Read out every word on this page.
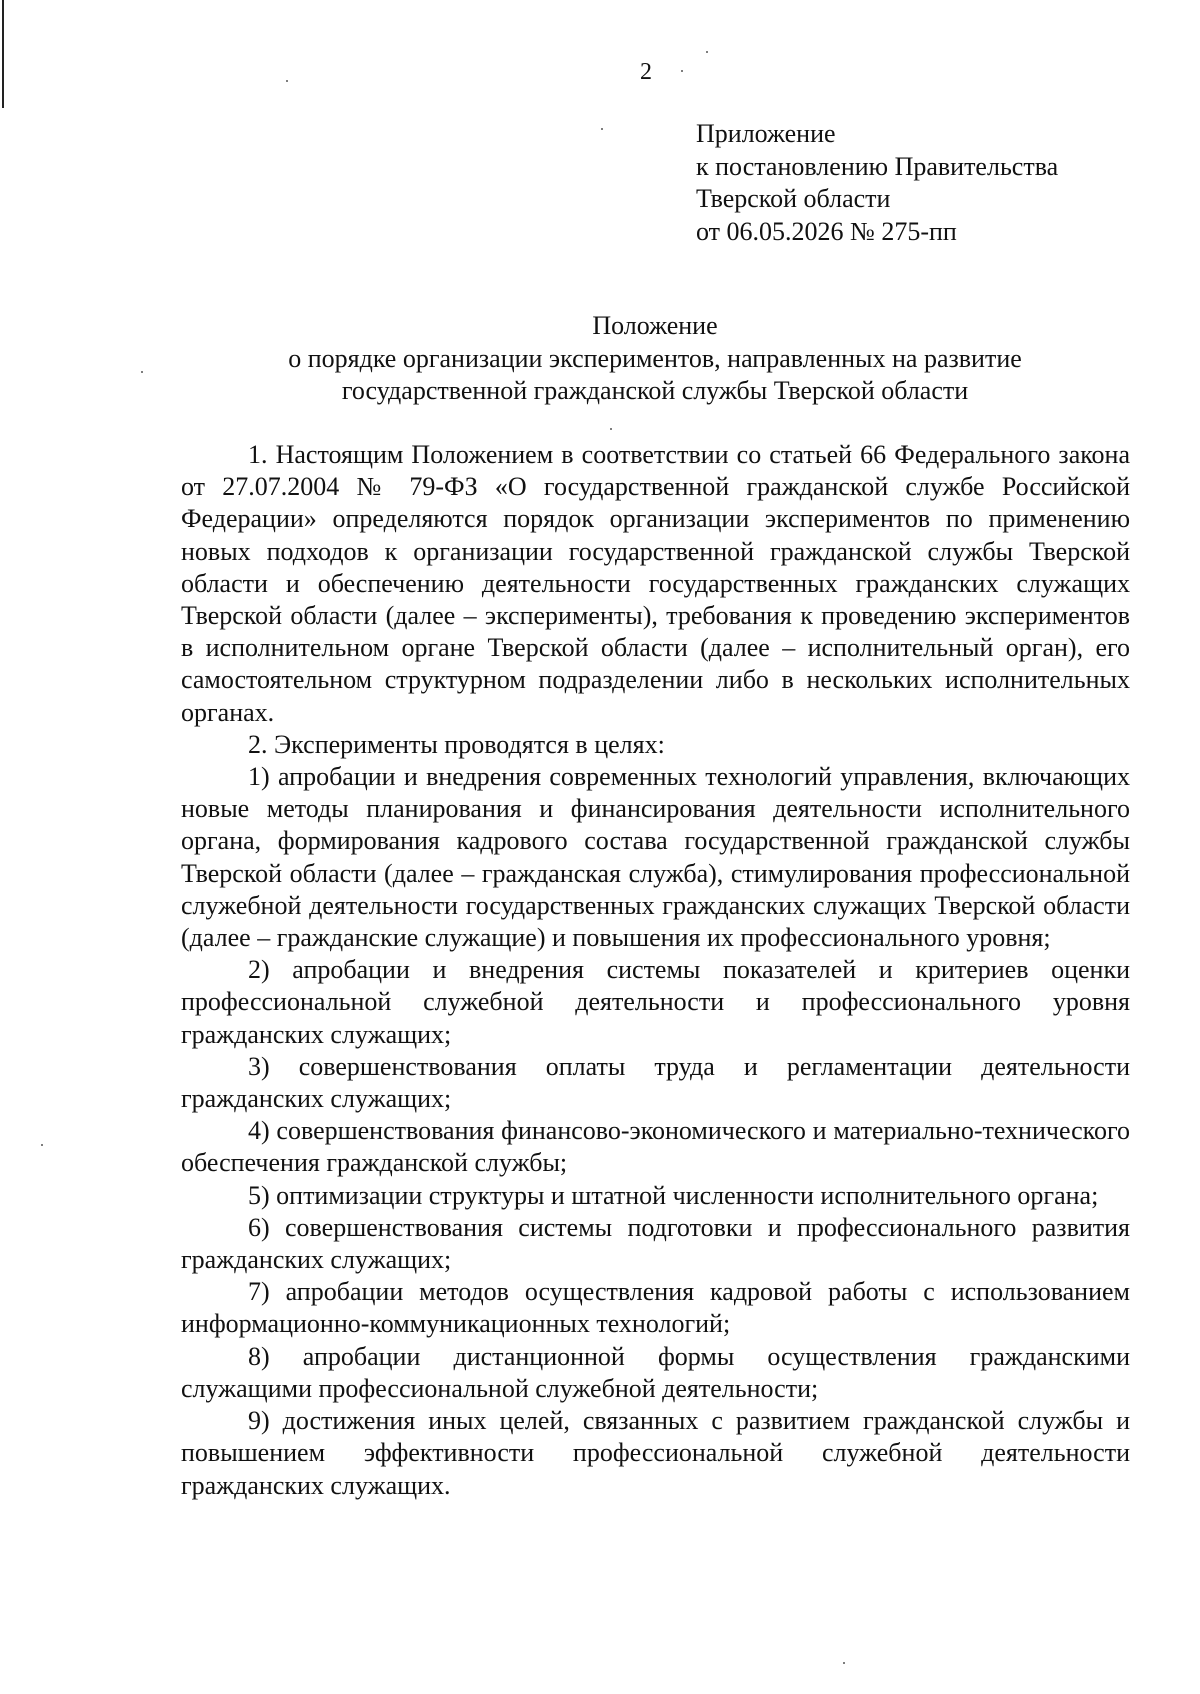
2
Приложение
к постановлению Правительства
Тверской области
от 06.05.2026 № 275-пп
Положение
о порядке организации экспериментов, направленных на развитие
государственной гражданской службы Тверской области

1. Настоящим Положением в соответствии со статьей 66 Федерального закона от 27.07.2004 № 79-ФЗ «О государственной гражданской службе Российской Федерации» определяются порядок организации экспериментов по применению новых подходов к организации государственной гражданской службы Тверской области и обеспечению деятельности государственных гражданских служащих Тверской области (далее – эксперименты), требования к проведению экспериментов в исполнительном органе Тверской области (далее – исполнительный орган), его самостоятельном структурном подразделении либо в нескольких исполнительных органах.

2. Эксперименты проводятся в целях:

1) апробации и внедрения современных технологий управления, включающих новые методы планирования и финансирования деятельности исполнительного органа, формирования кадрового состава государственной гражданской службы Тверской области (далее – гражданская служба), стимулирования профессиональной служебной деятельности государственных гражданских служащих Тверской области (далее – гражданские служащие) и повышения их профессионального уровня;

2) апробации и внедрения системы показателей и критериев оценки профессиональной служебной деятельности и профессионального уровня гражданских служащих;

3) совершенствования оплаты труда и регламентации деятельности гражданских служащих;

4) совершенствования финансово-экономического и материально-технического обеспечения гражданской службы;

5) оптимизации структуры и штатной численности исполнительного органа;

6) совершенствования системы подготовки и профессионального развития гражданских служащих;

7) апробации методов осуществления кадровой работы с использованием информационно-коммуникационных технологий;

8) апробации дистанционной формы осуществления гражданскими служащими профессиональной служебной деятельности;

9) достижения иных целей, связанных с развитием гражданской службы и повышением эффективности профессиональной служебной деятельности гражданских служащих.
